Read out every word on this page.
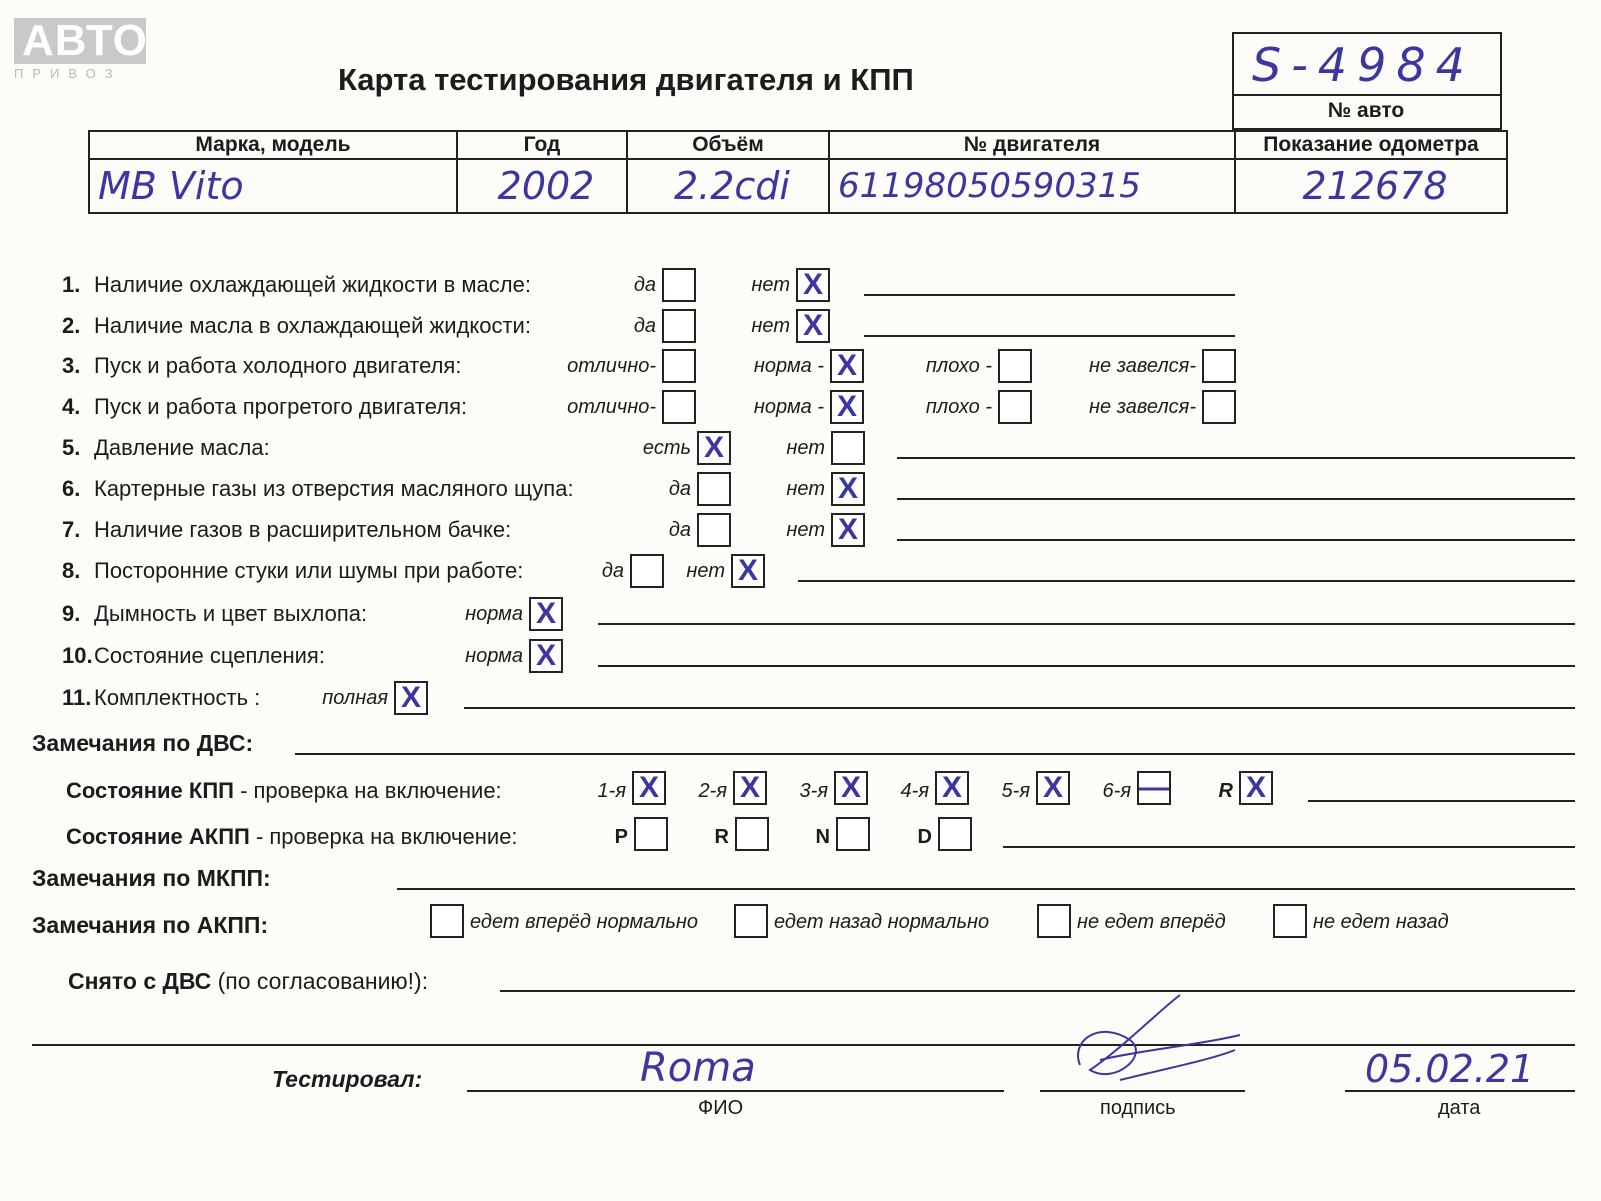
АВТО
ПРИВОЗ	Карта тестирования двигателя и КПП	S-4984
№ авто
Марка, модель	Год	Объём	№ двигателя	Показание одометра
MB Vito	2002	2.2cdi	61198050590315	212678
1. Наличие охлаждающей жидкости в масле:	да	нет X
2. Наличие масла в охлаждающей жидкости:	да	нет X
3. Пуск и работа холодного двигателя:	отлично-	норма - X	плохо -	не завелся-
4. Пуск и работа прогретого двигателя:	отлично-	норма - X	плохо -	не завелся-
5. Давление масла:	есть X	нет
6. Картерные газы из отверстия масляного щупа:	да	нет X
7. Наличие газов в расширительном бачке:	да	нет X
8. Посторонние стуки или шумы при работе:	да	нет X
9. Дымность и цвет выхлопа:	норма X
10.Состояние сцепления:	норма X
11. Комплектность :	полная X
Замечания по ДВС:
Состояние КПП - проверка на включение:	1-я X	2-я X	3-я X	4-я X	5-я X	6-я —	R X
Состояние АКПП - проверка на включение:	P	R	N	D
Замечания по МКПП:
Замечания по АКПП:	едет вперёд нормально	едет назад нормально	не едет вперёд	не едет назад
Снято с ДВС (по согласованию!):
Тестировал:	Roma
ФИО	подпись
05.02.21
дата
